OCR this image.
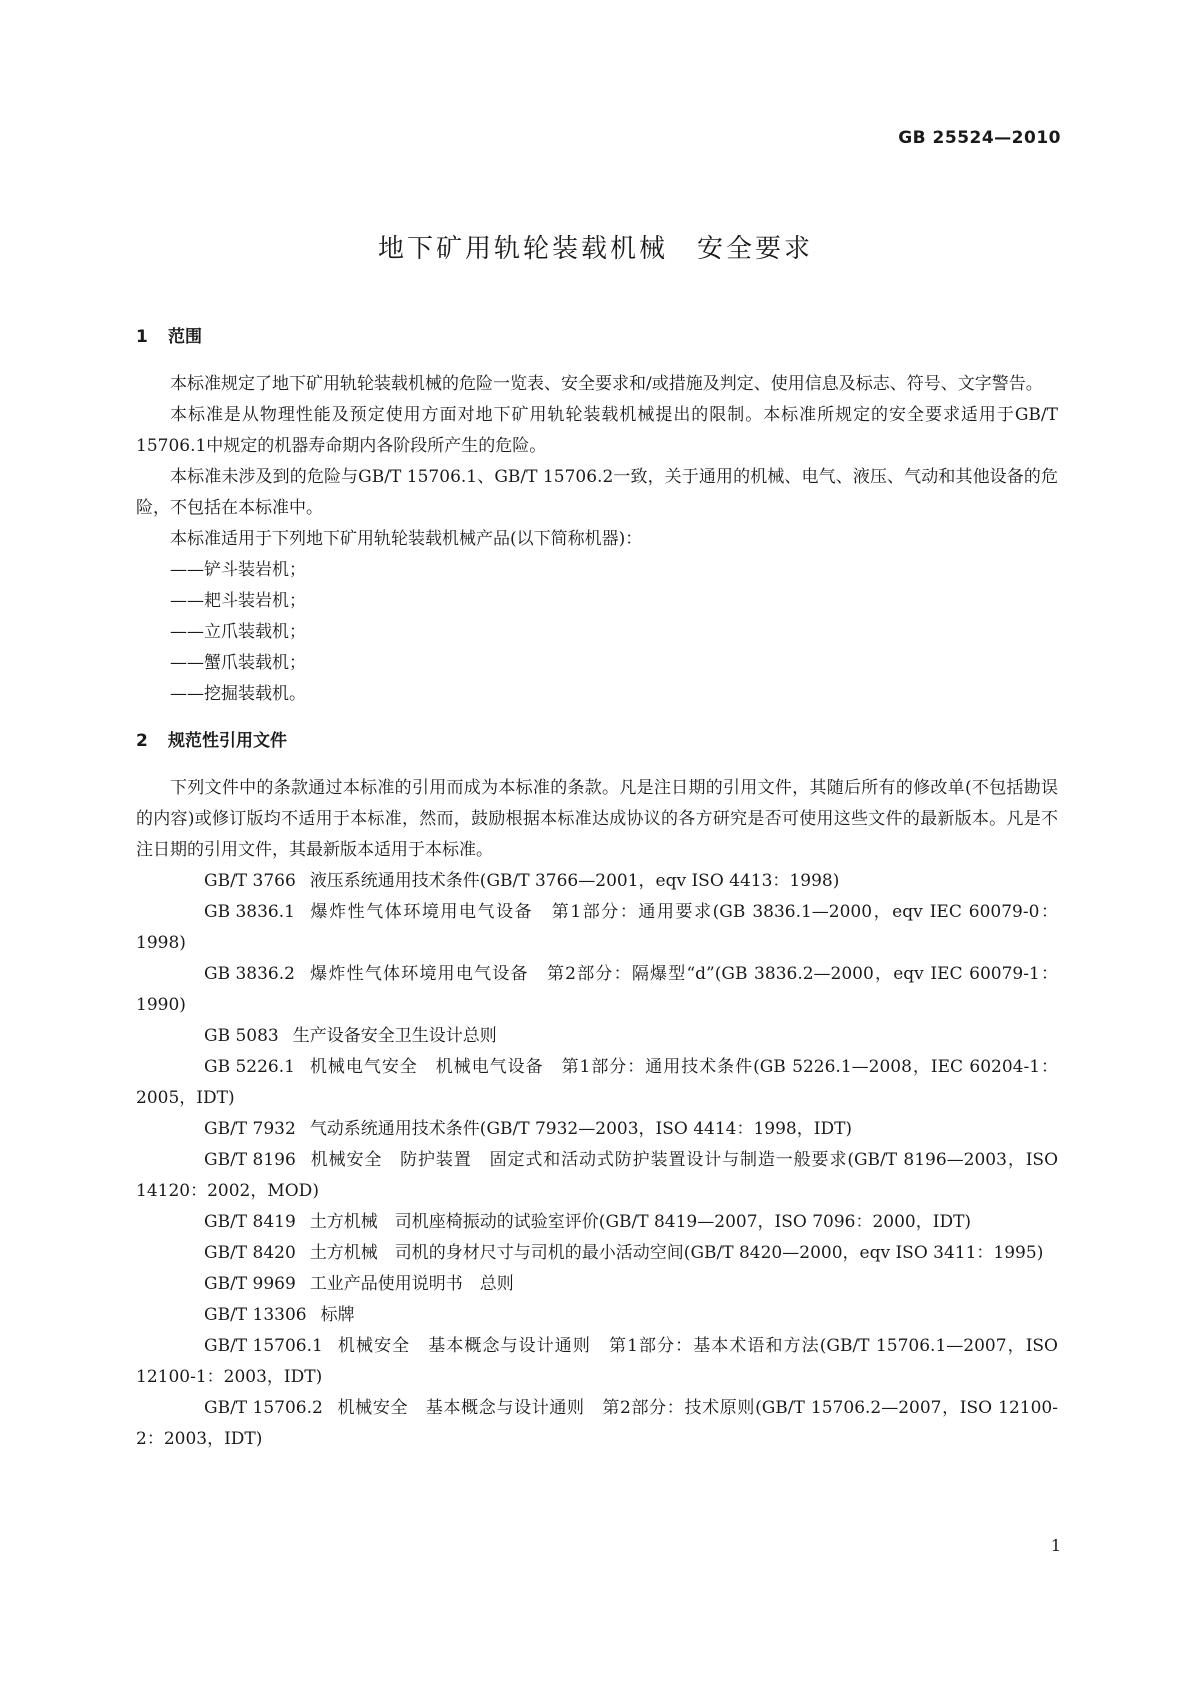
GB 25524—2010
地下矿用轨轮装载机械　安全要求
1 范围

本标准规定了地下矿用轨轮装载机械的危险一览表、安全要求和/或措施及判定、使用信息及标志、符号、文字警告。

本标准是从物理性能及预定使用方面对地下矿用轨轮装载机械提出的限制。本标准所规定的安全要求适用于GB/T 15706.1中规定的机器寿命期内各阶段所产生的危险。

本标准未涉及到的危险与GB/T 15706.1、GB/T 15706.2一致，关于通用的机械、电气、液压、气动和其他设备的危险，不包括在本标准中。

本标准适用于下列地下矿用轨轮装载机械产品(以下简称机器)：

——铲斗装岩机；
——耙斗装岩机；
——立爪装载机；
——蟹爪装载机；
——挖掘装载机。
2 规范性引用文件

下列文件中的条款通过本标准的引用而成为本标准的条款。凡是注日期的引用文件，其随后所有的修改单(不包括勘误的内容)或修订版均不适用于本标准，然而，鼓励根据本标准达成协议的各方研究是否可使用这些文件的最新版本。凡是不注日期的引用文件，其最新版本适用于本标准。

GB/T 3766 液压系统通用技术条件(GB/T 3766—2001，eqv ISO 4413：1998)

GB 3836.1 爆炸性气体环境用电气设备　第1部分：通用要求(GB 3836.1—2000，eqv IEC 60079-0：1998)

GB 3836.2 爆炸性气体环境用电气设备　第2部分：隔爆型“d”(GB 3836.2—2000，eqv IEC 60079-1：1990)

GB 5083 生产设备安全卫生设计总则

GB 5226.1 机械电气安全　机械电气设备　第1部分：通用技术条件(GB 5226.1—2008，IEC 60204-1：2005，IDT)

GB/T 7932 气动系统通用技术条件(GB/T 7932—2003，ISO 4414：1998，IDT)

GB/T 8196 机械安全　防护装置　固定式和活动式防护装置设计与制造一般要求(GB/T 8196—2003，ISO 14120：2002，MOD)

GB/T 8419 土方机械　司机座椅振动的试验室评价(GB/T 8419—2007，ISO 7096：2000，IDT)

GB/T 8420 土方机械　司机的身材尺寸与司机的最小活动空间(GB/T 8420—2000，eqv ISO 3411：1995)

GB/T 9969 工业产品使用说明书　总则

GB/T 13306 标牌

GB/T 15706.1 机械安全　基本概念与设计通则　第1部分：基本术语和方法(GB/T 15706.1—2007，ISO 12100-1：2003，IDT)

GB/T 15706.2 机械安全　基本概念与设计通则　第2部分：技术原则(GB/T 15706.2—2007，ISO 12100-2：2003，IDT)

1
